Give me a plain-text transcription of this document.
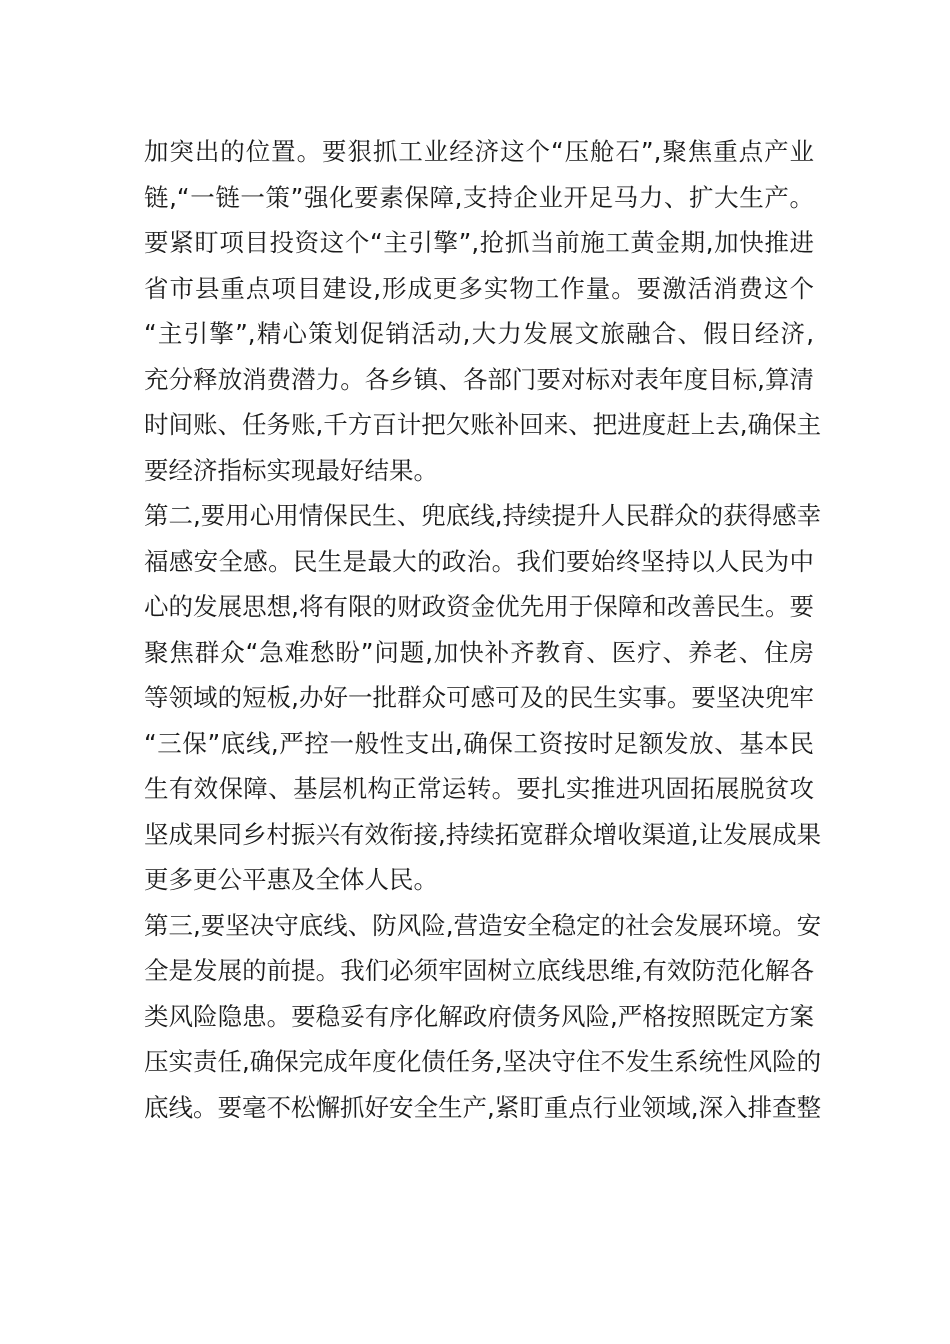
加突出的位置。要狠抓工业经济这个“压舱石”,聚焦重点产业
链,“一链一策”强化要素保障,支持企业开足马力、扩大生产。
要紧盯项目投资这个“主引擎”,抢抓当前施工黄金期,加快推进
省市县重点项目建设,形成更多实物工作量。要激活消费这个
“主引擎”,精心策划促销活动,大力发展文旅融合、假日经济,
充分释放消费潜力。各乡镇、各部门要对标对表年度目标,算清
时间账、任务账,千方百计把欠账补回来、把进度赶上去,确保主
要经济指标实现最好结果。
第二,要用心用情保民生、兜底线,持续提升人民群众的获得感幸
福感安全感。民生是最大的政治。我们要始终坚持以人民为中
心的发展思想,将有限的财政资金优先用于保障和改善民生。要
聚焦群众“急难愁盼”问题,加快补齐教育、医疗、养老、住房
等领域的短板,办好一批群众可感可及的民生实事。要坚决兜牢
“三保”底线,严控一般性支出,确保工资按时足额发放、基本民
生有效保障、基层机构正常运转。要扎实推进巩固拓展脱贫攻
坚成果同乡村振兴有效衔接,持续拓宽群众增收渠道,让发展成果
更多更公平惠及全体人民。
第三,要坚决守底线、防风险,营造安全稳定的社会发展环境。安
全是发展的前提。我们必须牢固树立底线思维,有效防范化解各
类风险隐患。要稳妥有序化解政府债务风险,严格按照既定方案
压实责任,确保完成年度化债任务,坚决守住不发生系统性风险的
底线。要毫不松懈抓好安全生产,紧盯重点行业领域,深入排查整
